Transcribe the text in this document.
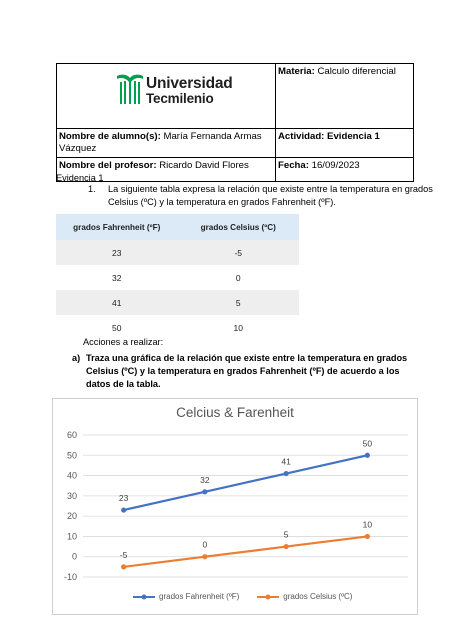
	Materia: Calculo diferencial
Nombre de alumno(s): María Fernanda Armas Vázquez	Actividad: Evidencia 1
Nombre del profesor: Ricardo David Flores	Fecha: 16/09/2023
Universidad
Tecmilenio
Evidencia 1
1. La siguiente tabla expresa la relación que existe entre la temperatura en grados
Celsius (ºC) y la temperatura en grados Fahrenheit (ºF).
grados Fahrenheit (ºF)	grados Celsius (ºC)
23	-5
32	0
41	5
50	10
Acciones a realizar:
a) Traza una gráfica de la relación que existe entre la temperatura en grados
Celsius (ºC) y la temperatura en grados Fahrenheit (ºF) de acuerdo a los
datos de la tabla.
Celcius & Farenheit
-10
0
10
20
30
40
50
60
23
32
41
50
-5
0
5
10
grados Fahrenheit (ºF)	grados Celsius (ºC)
